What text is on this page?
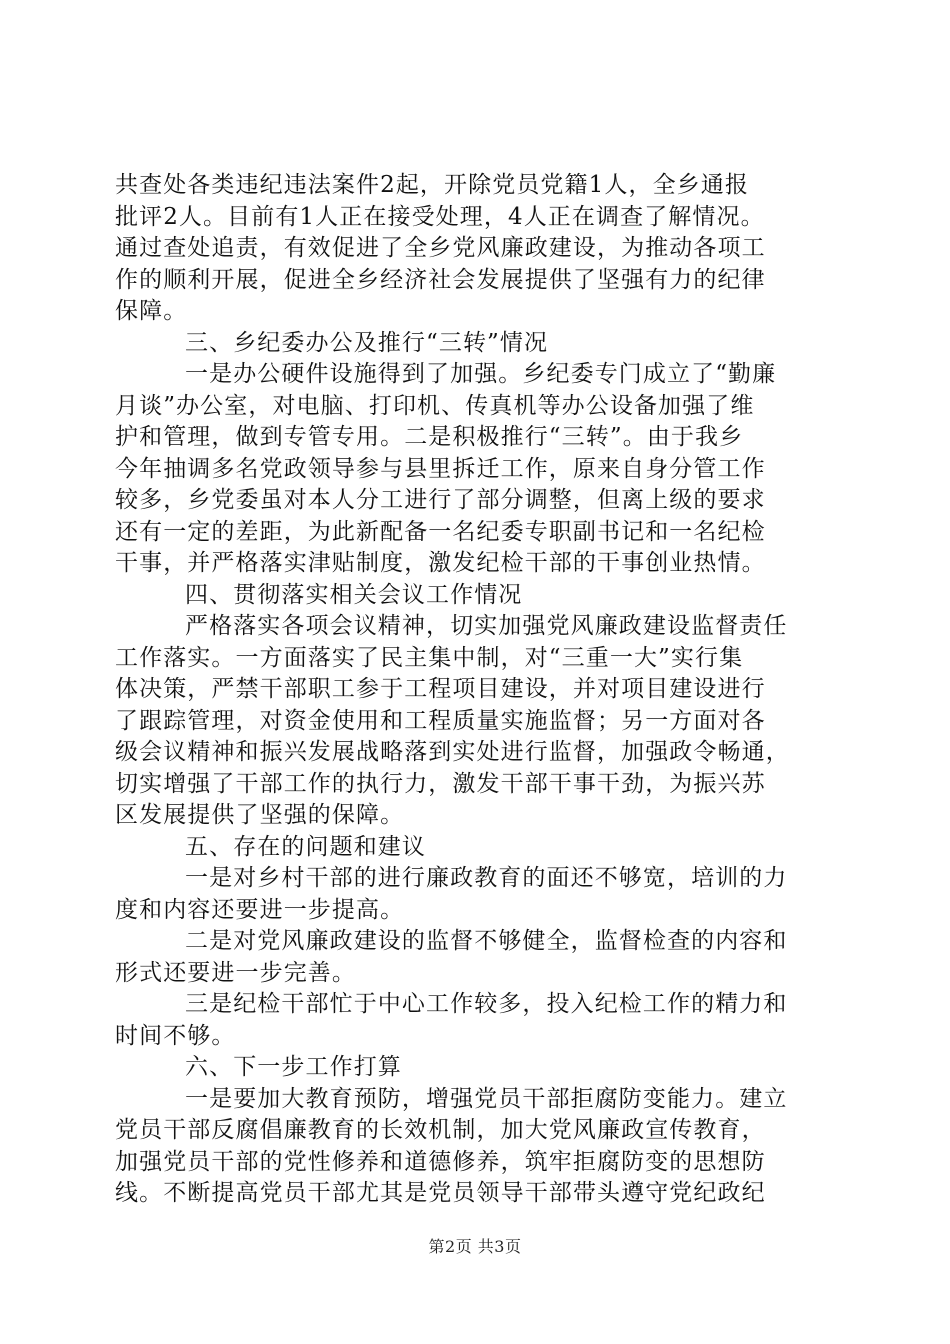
共查处各类违纪违法案件2起，开除党员党籍1人，全乡通报
批评2人。目前有1人正在接受处理，4人正在调查了解情况。
通过查处追责，有效促进了全乡党风廉政建设，为推动各项工
作的顺利开展，促进全乡经济社会发展提供了坚强有力的纪律
保障。
三、乡纪委办公及推行“三转”情况
一是办公硬件设施得到了加强。乡纪委专门成立了“勤廉
月谈”办公室，对电脑、打印机、传真机等办公设备加强了维
护和管理，做到专管专用。二是积极推行“三转”。由于我乡
今年抽调多名党政领导参与县里拆迁工作，原来自身分管工作
较多，乡党委虽对本人分工进行了部分调整，但离上级的要求
还有一定的差距，为此新配备一名纪委专职副书记和一名纪检
干事，并严格落实津贴制度，激发纪检干部的干事创业热情。
四、贯彻落实相关会议工作情况
严格落实各项会议精神，切实加强党风廉政建设监督责任
工作落实。一方面落实了民主集中制，对“三重一大”实行集
体决策，严禁干部职工参于工程项目建设，并对项目建设进行
了跟踪管理，对资金使用和工程质量实施监督；另一方面对各
级会议精神和振兴发展战略落到实处进行监督，加强政令畅通，
切实增强了干部工作的执行力，激发干部干事干劲，为振兴苏
区发展提供了坚强的保障。
五、存在的问题和建议
一是对乡村干部的进行廉政教育的面还不够宽，培训的力
度和内容还要进一步提高。
二是对党风廉政建设的监督不够健全，监督检查的内容和
形式还要进一步完善。
三是纪检干部忙于中心工作较多，投入纪检工作的精力和
时间不够。
六、下一步工作打算
一是要加大教育预防，增强党员干部拒腐防变能力。建立
党员干部反腐倡廉教育的长效机制，加大党风廉政宣传教育，
加强党员干部的党性修养和道德修养，筑牢拒腐防变的思想防
线。不断提高党员干部尤其是党员领导干部带头遵守党纪政纪
第2页 共3页
